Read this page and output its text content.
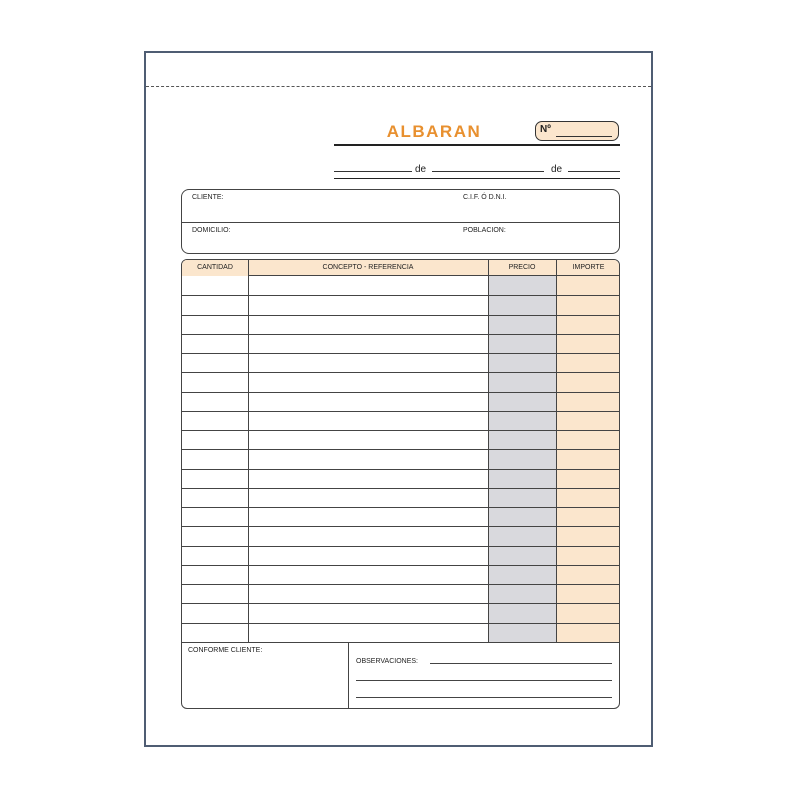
ALBARAN	Nº
de	de
CLIENTE:	C.I.F. Ó D.N.I.
DOMICILIO:	POBLACION:
CANTIDAD	CONCEPTO - REFERENCIA	PRECIO	IMPORTE
CONFORME CLIENTE:
OBSERVACIONES:
